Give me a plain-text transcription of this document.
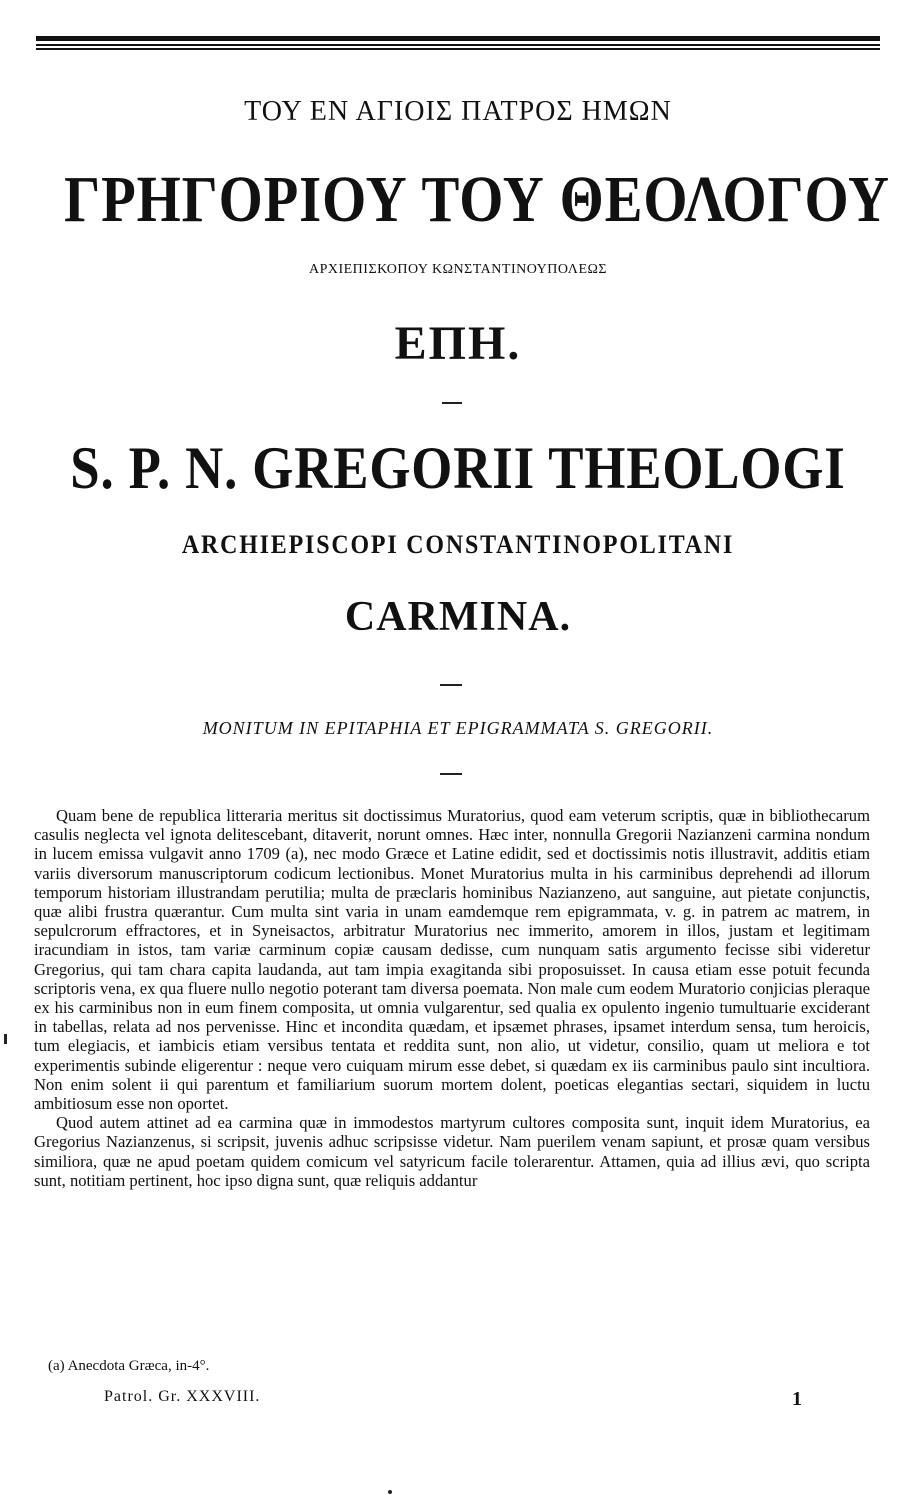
ΤΟΥ ΕΝ ΑΓΙΟΙΣ ΠΑΤΡΟΣ ΗΜΩΝ
ΓΡΗΓΟΡΙΟΥ ΤΟΥ ΘΕΟΛΟΓΟΥ
ΑΡΧΙΕΠΙΣΚΟΠΟΥ ΚΩΝΣΤΑΝΤΙΝΟΥΠΟΛΕΩΣ
ΕΠΗ.
S. P. N. GREGORII THEOLOGI
ARCHIEPISCOPI CONSTANTINOPOLITANI
CARMINA.
MONITUM IN EPITAPHIA ET EPIGRAMMATA S. GREGORII.

Quam bene de republica litteraria meritus sit doctissimus Muratorius, quod eam veterum scriptis, quæ in bibliothecarum casulis neglecta vel ignota delitescebant, ditaverit, norunt omnes. Hæc inter, nonnulla Gregorii Nazianzeni carmina nondum in lucem emissa vulgavit anno 1709 (a), nec modo Græce et Latine edidit, sed et doctissimis notis illustravit, additis etiam variis diversorum manuscriptorum codicum lectionibus. Monet Muratorius multa in his carminibus deprehendi ad illorum temporum historiam illustrandam perutilia; multa de præclaris hominibus Nazianzeno, aut sanguine, aut pietate conjunctis, quæ alibi frustra quærantur. Cum multa sint varia in unam eamdemque rem epigrammata, v. g. in patrem ac matrem, in sepulcrorum effractores, et in Syneisactos, arbitratur Muratorius nec immerito, amorem in illos, justam et legitimam iracundiam in istos, tam variæ carminum copiæ causam dedisse, cum nunquam satis argumento fecisse sibi videretur Gregorius, qui tam chara capita laudanda, aut tam impia exagitanda sibi proposuisset. In causa etiam esse potuit fecunda scriptoris vena, ex qua fluere nullo negotio poterant tam diversa poemata. Non male cum eodem Muratorio conjicias pleraque ex his carminibus non in eum finem composita, ut omnia vulgarentur, sed qualia ex opulento ingenio tumultuarie exciderant in tabellas, relata ad nos pervenisse. Hinc et incondita quædam, et ipsæmet phrases, ipsamet interdum sensa, tum heroicis, tum elegiacis, et iambicis etiam versibus tentata et reddita sunt, non alio, ut videtur, consilio, quam ut meliora e tot experimentis subinde eligerentur : neque vero cuiquam mirum esse debet, si quædam ex iis carminibus paulo sint incultiora. Non enim solent ii qui parentum et familiarium suorum mortem dolent, poeticas elegantias sectari, siquidem in luctu ambitiosum esse non oportet.

Quod autem attinet ad ea carmina quæ in immodestos martyrum cultores composita sunt, inquit idem Muratorius, ea Gregorius Nazianzenus, si scripsit, juvenis adhuc scripsisse videtur. Nam puerilem venam sapiunt, et prosæ quam versibus similiora, quæ ne apud poetam quidem comicum vel satyricum facile tolerarentur. Attamen, quia ad illius ævi, quo scripta sunt, notitiam pertinent, hoc ipso digna sunt, quæ reliquis addantur

(a) Anecdota Græca, in-4°.
Patrol. Gr. XXXVIII.	1
